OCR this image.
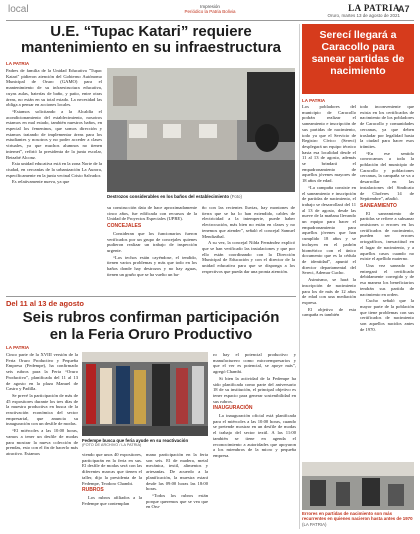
local	Impresión
Periódico la Patria Bolivia	LA PATRIA
Oruro, martes 13 de agosto de 2021
A7
U.E. “Tupac Katari” requiere
mantenimiento en su infraestructura
LA PATRIA

Padres de familia de la Unidad Educativa "Tupac Katari" pidieron atención del Gobierno Autónomo Municipal de Oruro (GAMO) para el mantenimiento de su infraestructura educativa, cuyas aulas, baterías de baño, y patio, entre otras áreas, no están en su total estado. La necesidad las obliga a pensar en acciones locales.

“Estamos solicitando a la Alcaldía el acondicionamiento del establecimiento, nosotros estamos en mal estado, también nuestros baños, en especial los femeninos, que somos dirección y estamos tratando de implementar áreas para los estudiantes y nosotros y no poder acceder a clases virtuales, ya que muchos alumnos no tienen internet”, refirió la presidenta de la junta escolar, Betzabé Alconz.

Esta unidad educativa está en la zona Norte de la ciudad, en cercanías de la urbanización La Aurora, específicamente en la junta vecinal Cristo Salvador.

Es relativamente nueva, ya que

Destrozos considerables en los baños del establecimiento (Foto)

su construcción data de hace aproximadamente cinco años, fue edificada con recursos de la Unidad de Proyectos Especiales (UPRE).

CONCEJALES

Consideran que los funcionarios fueron verificados por un grupo de concejales quienes pudieron realizar un trabajo de inspección urgente.

“Los techos están cayéndose, el tendido, tienen varios problemas y más que todo en los baños donde hay destrozos y no hay aguas, tienen un gruño que se ha vuelto un ba-

ño con las recientes lluvias, hay montones de tierra que se ha lo han extendido, cables de electricidad a la intemperie, puede haber electrocución, más bien no están en clases y no tenemos que atender”, señaló el concejal Samuel Mendizábal.

A su vez, la concejal Nilda Fernández explicó que se han verificado las instalaciones y que por ello están coordinando con la Dirección Municipal de Educación y con el director de la unidad educativa para que se disponga a los respectivos que pueda dar una pronta atención.

Serecí llegará a Caracollo para sanear partidas de nacimiento
LA PATRIA

Los pobladores del municipio de Caracollo podrán realizar el saneamiento e inscripción de sus partidas de nacimiento, todo ya que el Servicio de Registro Cívico (Sereci) desplegará un equipo técnico hasta esa localidad desde el 11 al 13 de agosto, además se brindará el empadronamiento de aquellos jóvenes mayores de 18 años de edad.

“La campaña consiste en el saneamiento e inscripción de partidas de nacimiento, el trabajo se desarrollará del 11 al 13 de agosto, desde las nueve de la mañana llevando un equipo para hacer el empadronamiento para aquellos jóvenes que han cumplido 18 años y se incluyen en el padrón biométrico con el único documento que es la cédula de identidad”, apuntó el director departamental del Sereci, Ademar Cucho.

Asimismo, se hará la inscripción de nacimiento para los de más de 12 años de edad con una mediación expresa.

El objetivo de esta campaña es también

todo inconveniente que exista en los certificados de nacimiento de los pobladores de Caracollo y comunidades cercanas, ya que deben trasladar por legalidad hasta la ciudad para hacer esos trámites.

“En ese sentido convocamos a toda la población del municipio de Caracollo y poblaciones cercanas, la campaña se va a desarrollar en las instalaciones del Sindicato de Choferes 14 de Septiembre”, añadió.

SANEAMIENTO

El saneamiento de partidas se refiere a subsanar omisiones o errores en los certificados de nacimiento, pueden ser errores ortográficos, inexactitud en el lugar de nacimiento, y a aquellos casos cuando no existe el apellido materno.

Una vez saneado se entregará el certificado debidamente corregido y de esa manera los beneficiarios tendrán sus partida de nacimiento en orden.

Cucho señaló que la mayor parte de la población que tiene problemas con sus certificados de nacimiento son aquellos nacidos antes de 1970.

Errores en partidas de nacimiento son más recurrentes en quienes nacieron hasta antes de 1970 (LA PATRIA)
Del 11 al 13 de agosto
Seis rubros confirman participación
en la Feria Oruro Productivo
LA PATRIA

Cinco parte de la XVIII versión de la Feria Oruro Productivo y Pequeña Empresa (Fedempe), ha confirmado seis rubros para la Feria “Oruro Productivo”, planificada del 11 al 13 de agosto en la plaza Manuel de Castro y Padilla.

Se prevé la participación de más de 45 expositores durante los tres días de la muestra productiva en busca de la reactivación económica del sector empresarial, que anuncia su inauguración con un desfile de modas.

“El miércoles a las 10:00 horas, vamos a tener un desfile de modas para mostrar la nueva colección de prendas, esto con el fin de hacerlo más atractivo. Estamos

Fedempe busca que feria ayude en su reactivación
(FOTO DE ARCHIVO / LA PATRIA)

viendo que unos 40 expositores, participarán en la feria en sus. El desfile de modas será con las diferentes marcas que tienen el taller, dijo la presidenta de la Fedempe, Teodoro Chambi.

RUBROS

Los rubros afiliados a la Fedempe que contemplan

mano participación en la feria son seis. El de madera, metal mecánica, textil, alimentos y artesanías. De acuerdo a la planificación, la muestra estará desde las 09:00 horas las 18:00 horas.

“Todos los rubros están porque queremos que se vea que en Oru-

ro hay el potencial productivo y manufacturero como microempresarios y que el ver es potencial, se apoye más”, agregó Chambi.

Si bien la actividad de la Fedempe ha sido planificada como parte del aniversario 18 de su institución, el principal objetivo es tener espacio para generar sostenibilidad en sus rubros.

INAUGURACIÓN

La inauguración oficial está planificada para el miércoles a las 10:00 horas, cuando se pretende mostrar en un desfile de modas el trabajo del sector textil. A las 11:00 también se tiene en agenda el reconocimiento a autoridades que apoyaron a los miembros de la micro y pequeña empresa.
